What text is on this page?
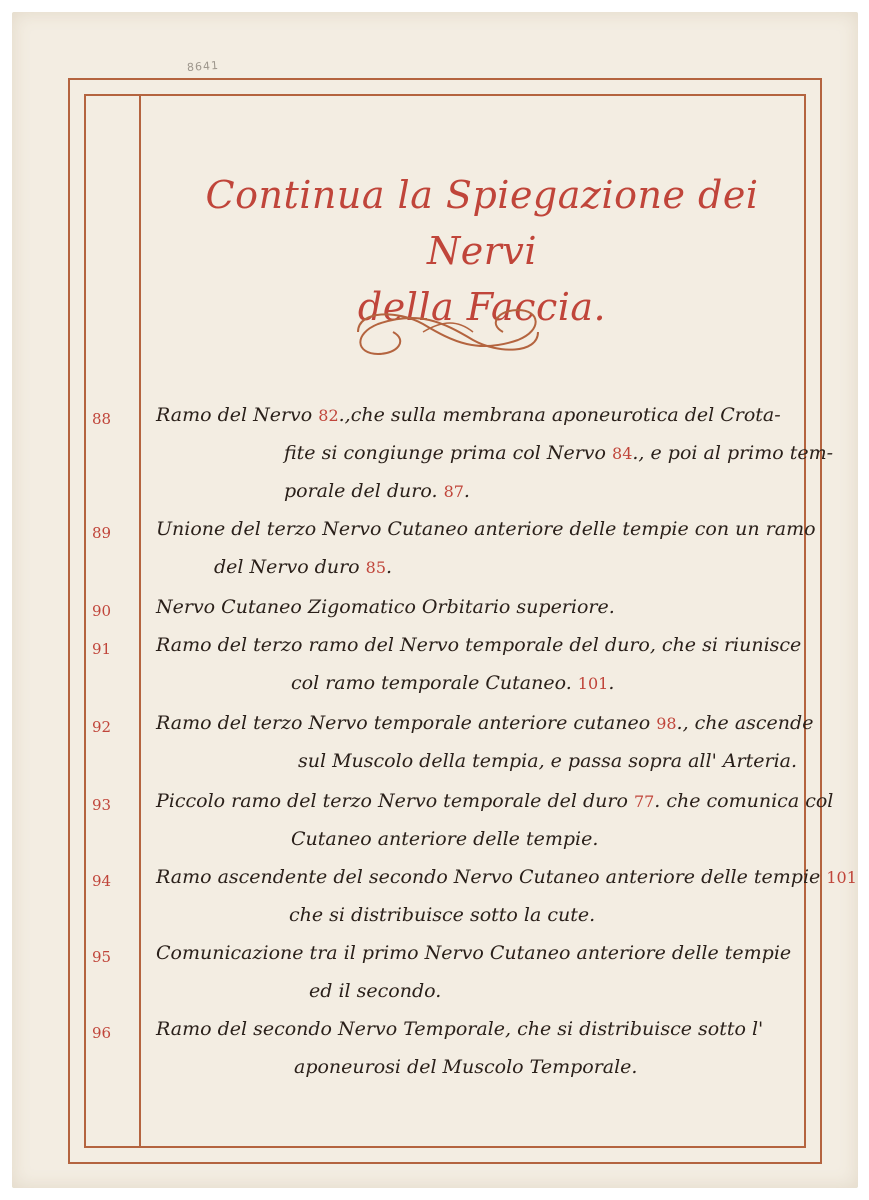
8641
Continua la Spiegazione dei Nervi
della Faccia.
88 Ramo del Nervo 82.,che sulla membrana aponeurotica del Crota-
fite si congiunge prima col Nervo 84., e poi al primo tem-
porale del duro. 87.
89 Unione del terzo Nervo Cutaneo anteriore delle tempie con un ramo
del Nervo duro 85.
90 Nervo Cutaneo Zigomatico Orbitario superiore.
91 Ramo del terzo ramo del Nervo temporale del duro, che si riunisce
col ramo temporale Cutaneo. 101.
92 Ramo del terzo Nervo temporale anteriore cutaneo 98., che ascende
sul Muscolo della tempia, e passa sopra all' Arteria.
93 Piccolo ramo del terzo Nervo temporale del duro 77. che comunica col
Cutaneo anteriore delle tempie.
94 Ramo ascendente del secondo Nervo Cutaneo anteriore delle tempie 101
che si distribuisce sotto la cute.
95 Comunicazione tra il primo Nervo Cutaneo anteriore delle tempie
ed il secondo.
96 Ramo del secondo Nervo Temporale, che si distribuisce sotto l'
aponeurosi del Muscolo Temporale.
